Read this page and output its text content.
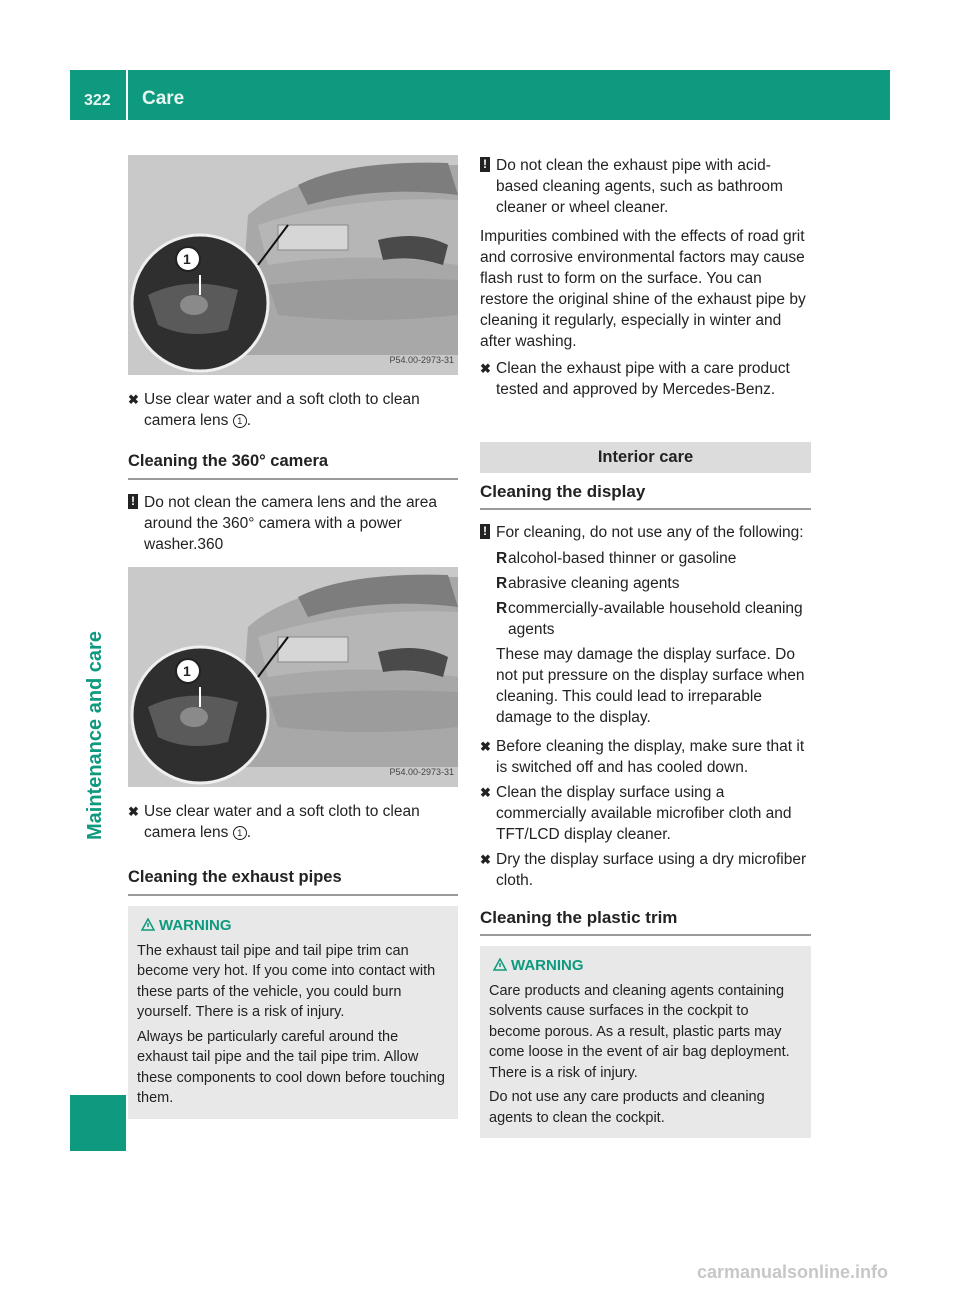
322 Care
Maintenance and care
1
P54.00-2973-31
✖ Use clear water and a soft cloth to clean camera lens 1 .
Cleaning the 360° camera
! Do not clean the camera lens and the area around the 360° camera with a power washer.360
1
P54.00-2973-31
✖ Use clear water and a soft cloth to clean camera lens 1 .
Cleaning the exhaust pipes
WARNING

The exhaust tail pipe and tail pipe trim can become very hot. If you come into contact with these parts of the vehicle, you could burn yourself. There is a risk of injury.

Always be particularly careful around the exhaust tail pipe and the tail pipe trim. Allow these components to cool down before touching them.

! Do not clean the exhaust pipe with acid-based cleaning agents, such as bathroom cleaner or wheel cleaner.

Impurities combined with the effects of road grit and corrosive environmental factors may cause flash rust to form on the surface. You can restore the original shine of the exhaust pipe by cleaning it regularly, especially in winter and after washing.

✖ Clean the exhaust pipe with a care product tested and approved by Mercedes-Benz.
Interior care
Cleaning the display
! For cleaning, do not use any of the following:
R alcohol-based thinner or gasoline
R abrasive cleaning agents
R commercially-available household cleaning agents
These may damage the display surface. Do not put pressure on the display surface when cleaning. This could lead to irreparable damage to the display.
✖ Before cleaning the display, make sure that it is switched off and has cooled down.
✖ Clean the display surface using a commercially available microfiber cloth and TFT/LCD display cleaner.
✖ Dry the display surface using a dry microfiber cloth.
Cleaning the plastic trim
WARNING

Care products and cleaning agents containing solvents cause surfaces in the cockpit to become porous. As a result, plastic parts may come loose in the event of air bag deployment. There is a risk of injury.

Do not use any care products and cleaning agents to clean the cockpit.

carmanualsonline.info
